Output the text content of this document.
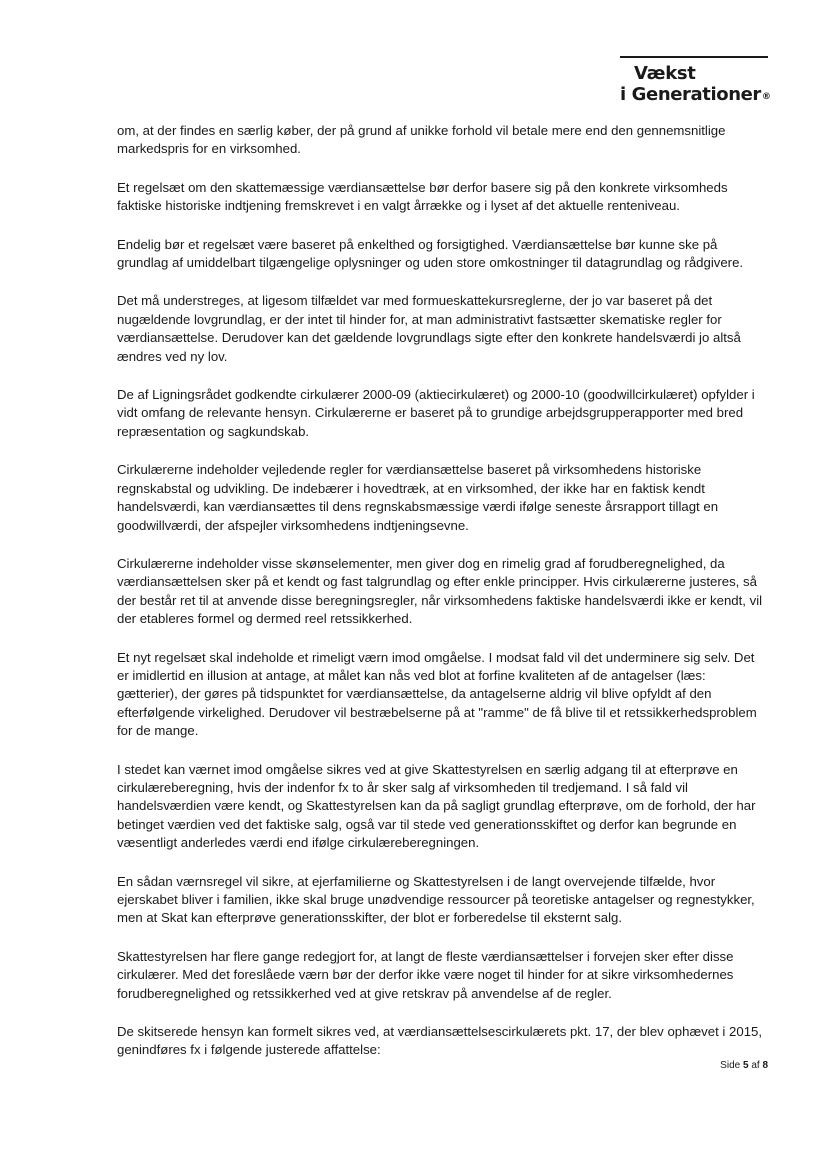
Vækst
i Generationer®

om, at der findes en særlig køber, der på grund af unikke forhold vil betale mere end den gennemsnitlige markedspris for en virksomhed.

Et regelsæt om den skattemæssige værdiansættelse bør derfor basere sig på den konkrete virksomheds faktiske historiske indtjening fremskrevet i en valgt årrække og i lyset af det aktuelle renteniveau.

Endelig bør et regelsæt være baseret på enkelthed og forsigtighed. Værdiansættelse bør kunne ske på grundlag af umiddelbart tilgængelige oplysninger og uden store omkostninger til datagrundlag og rådgivere.

Det må understreges, at ligesom tilfældet var med formueskattekursreglerne, der jo var baseret på det nugældende lovgrundlag, er der intet til hinder for, at man administrativt fastsætter skematiske regler for værdiansættelse. Derudover kan det gældende lovgrundlags sigte efter den konkrete handelsværdi jo altså ændres ved ny lov.

De af Ligningsrådet godkendte cirkulærer 2000-09 (aktiecirkulæret) og 2000-10 (goodwillcirkulæret) opfylder i vidt omfang de relevante hensyn. Cirkulærerne er baseret på to grundige arbejdsgrupperapporter med bred repræsentation og sagkundskab.

Cirkulærerne indeholder vejledende regler for værdiansættelse baseret på virksomhedens historiske regnskabstal og udvikling. De indebærer i hovedtræk, at en virksomhed, der ikke har en faktisk kendt handelsværdi, kan værdiansættes til dens regnskabsmæssige værdi ifølge seneste årsrapport tillagt en goodwillværdi, der afspejler virksomhedens indtjeningsevne.

Cirkulærerne indeholder visse skønselementer, men giver dog en rimelig grad af forudberegnelighed, da værdiansættelsen sker på et kendt og fast talgrundlag og efter enkle principper. Hvis cirkulærerne justeres, så der består ret til at anvende disse beregningsregler, når virksomhedens faktiske handelsværdi ikke er kendt, vil der etableres formel og dermed reel retssikkerhed.

Et nyt regelsæt skal indeholde et rimeligt værn imod omgåelse. I modsat fald vil det underminere sig selv. Det er imidlertid en illusion at antage, at målet kan nås ved blot at forfine kvaliteten af de antagelser (læs: gætterier), der gøres på tidspunktet for værdiansættelse, da antagelserne aldrig vil blive opfyldt af den efterfølgende virkelighed. Derudover vil bestræbelserne på at "ramme" de få blive til et retssikkerhedsproblem for de mange.

I stedet kan værnet imod omgåelse sikres ved at give Skattestyrelsen en særlig adgang til at efterprøve en cirkulæreberegning, hvis der indenfor fx to år sker salg af virksomheden til tredjemand. I så fald vil handelsværdien være kendt, og Skattestyrelsen kan da på sagligt grundlag efterprøve, om de forhold, der har betinget værdien ved det faktiske salg, også var til stede ved generationsskiftet og derfor kan begrunde en væsentligt anderledes værdi end ifølge cirkulæreberegningen.

En sådan værnsregel vil sikre, at ejerfamilierne og Skattestyrelsen i de langt overvejende tilfælde, hvor ejerskabet bliver i familien, ikke skal bruge unødvendige ressourcer på teoretiske antagelser og regnestykker, men at Skat kan efterprøve generationsskifter, der blot er forberedelse til eksternt salg.

Skattestyrelsen har flere gange redegjort for, at langt de fleste værdiansættelser i forvejen sker efter disse cirkulærer. Med det foreslåede værn bør der derfor ikke være noget til hinder for at sikre virksomhedernes forudberegnelighed og retssikkerhed ved at give retskrav på anvendelse af de regler.

De skitserede hensyn kan formelt sikres ved, at værdiansættelsescirkulærets pkt. 17, der blev ophævet i 2015, genindføres fx i følgende justerede affattelse:

Side 5 af 8
